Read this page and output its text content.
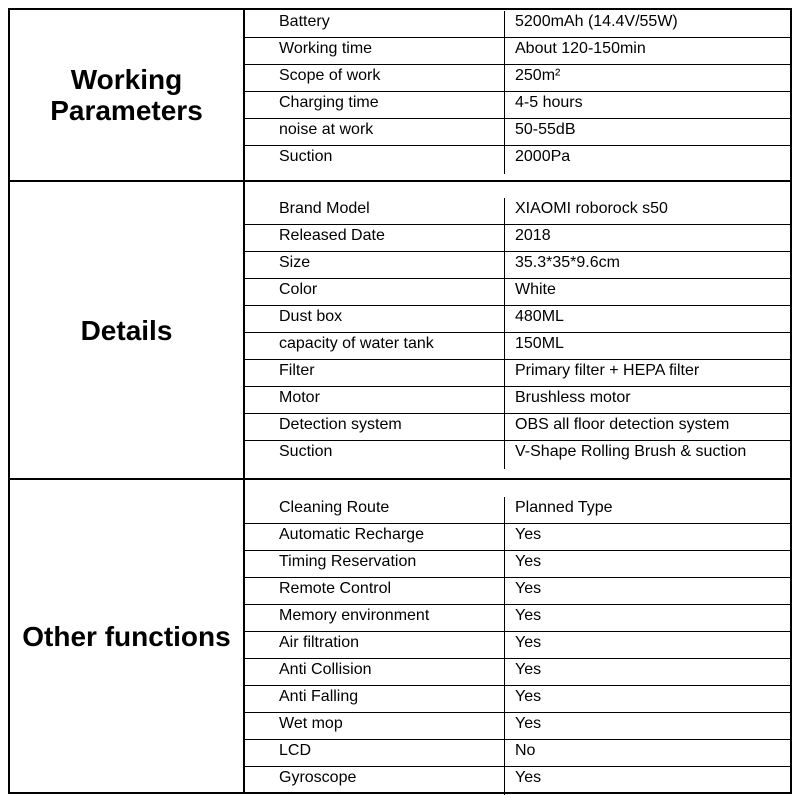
Working
Parameters
Battery	5200mAh (14.4V/55W)
Working time	About 120-150min
Scope of work	250m²
Charging time	4-5 hours
noise at work	50-55dB
Suction	2000Pa
Details
Brand Model	XIAOMI roborock s50
Released Date	2018
Size	35.3*35*9.6cm
Color	White
Dust box	480ML
capacity of water tank	150ML
Filter	Primary filter + HEPA filter
Motor	Brushless motor
Detection system	OBS all floor detection system
Suction	V-Shape Rolling Brush & suction
Other functions
Cleaning Route	Planned Type
Automatic Recharge	Yes
Timing Reservation	Yes
Remote Control	Yes
Memory environment	Yes
Air filtration	Yes
Anti Collision	Yes
Anti Falling	Yes
Wet mop	Yes
LCD	No
Gyroscope	Yes
